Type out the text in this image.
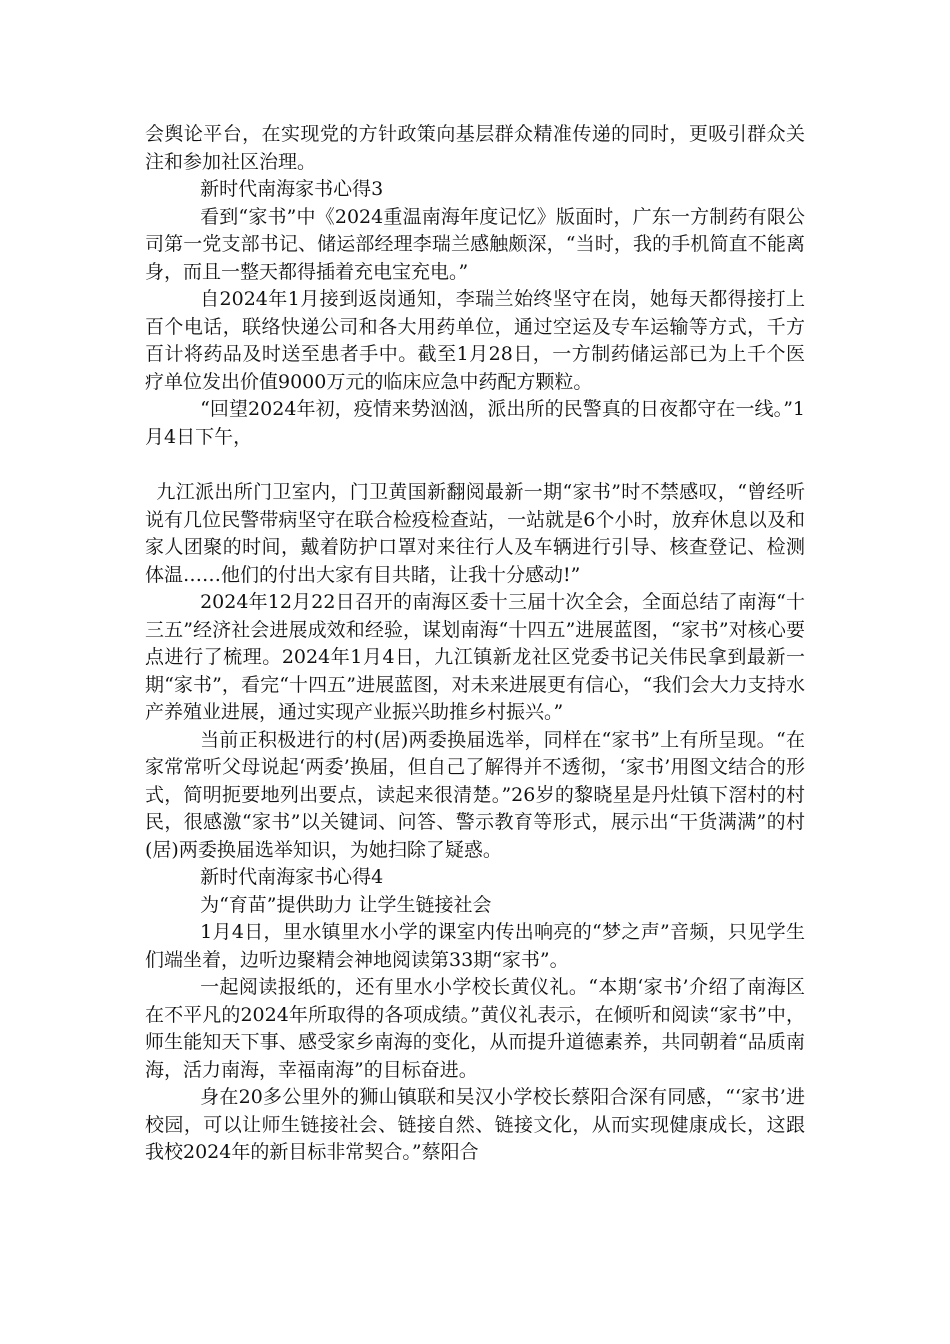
会舆论平台，在实现党的方针政策向基层群众精准传递的同时，更吸引群众关注和参加社区治理。

新时代南海家书心得3

看到“家书”中《2024重温南海年度记忆》版面时，广东一方制药有限公司第一党支部书记、储运部经理李瑞兰感触颇深，“当时，我的手机简直不能离身，而且一整天都得插着充电宝充电。”

自2024年1月接到返岗通知，李瑞兰始终坚守在岗，她每天都得接打上百个电话，联络快递公司和各大用药单位，通过空运及专车运输等方式，千方百计将药品及时送至患者手中。截至1月28日，一方制药储运部已为上千个医疗单位发出价值9000万元的临床应急中药配方颗粒。

“回望2024年初，疫情来势汹汹，派出所的民警真的日夜都守在一线。”1月4日下午，

九江派出所门卫室内，门卫黄国新翻阅最新一期“家书”时不禁感叹，“曾经听说有几位民警带病坚守在联合检疫检查站，一站就是6个小时，放弃休息以及和家人团聚的时间，戴着防护口罩对来往行人及车辆进行引导、核查登记、检测体温……他们的付出大家有目共睹，让我十分感动!”

2024年12月22日召开的南海区委十三届十次全会，全面总结了南海“十三五”经济社会进展成效和经验，谋划南海“十四五”进展蓝图，“家书”对核心要点进行了梳理。2024年1月4日，九江镇新龙社区党委书记关伟民拿到最新一期“家书”，看完“十四五”进展蓝图，对未来进展更有信心，“我们会大力支持水产养殖业进展，通过实现产业振兴助推乡村振兴。”

当前正积极进行的村(居)两委换届选举，同样在“家书”上有所呈现。“在家常常听父母说起‘两委’换届，但自己了解得并不透彻，‘家书’用图文结合的形式，简明扼要地列出要点，读起来很清楚。”26岁的黎晓星是丹灶镇下滘村的村民，很感激“家书”以关键词、问答、警示教育等形式，展示出“干货满满”的村(居)两委换届选举知识，为她扫除了疑惑。

新时代南海家书心得4

为“育苗”提供助力 让学生链接社会

1月4日，里水镇里水小学的课室内传出响亮的“梦之声”音频，只见学生们端坐着，边听边聚精会神地阅读第33期“家书”。

一起阅读报纸的，还有里水小学校长黄仪礼。“本期‘家书’介绍了南海区在不平凡的2024年所取得的各项成绩。”黄仪礼表示，在倾听和阅读“家书”中，师生能知天下事、感受家乡南海的变化，从而提升道德素养，共同朝着“品质南海，活力南海，幸福南海”的目标奋进。

身在20多公里外的狮山镇联和吴汉小学校长蔡阳合深有同感，“‘家书’进校园，可以让师生链接社会、链接自然、链接文化，从而实现健康成长，这跟我校2024年的新目标非常契合。”蔡阳合
